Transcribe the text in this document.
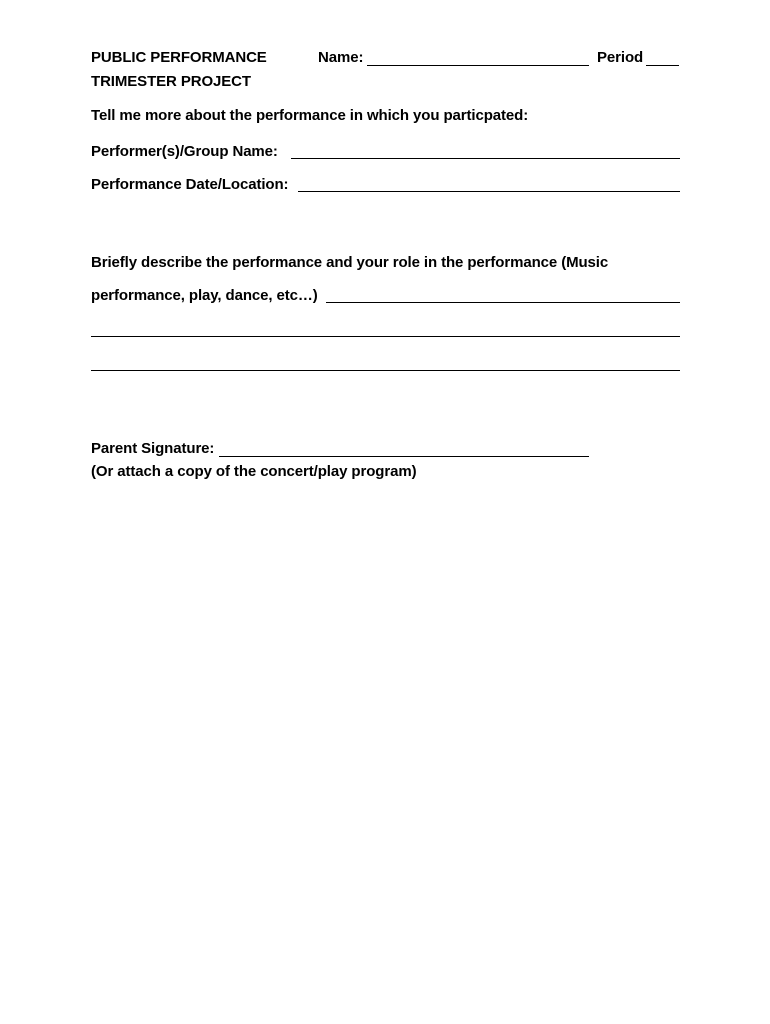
PUBLIC PERFORMANCE
TRIMESTER PROJECT
Name:	Period
Tell me more about the performance in which you particpated:
Performer(s)/Group Name:
Performance Date/Location:
Briefly describe the performance and your role in the performance (Music
performance, play, dance, etc…)
Parent Signature:
(Or attach a copy of the concert/play program)
